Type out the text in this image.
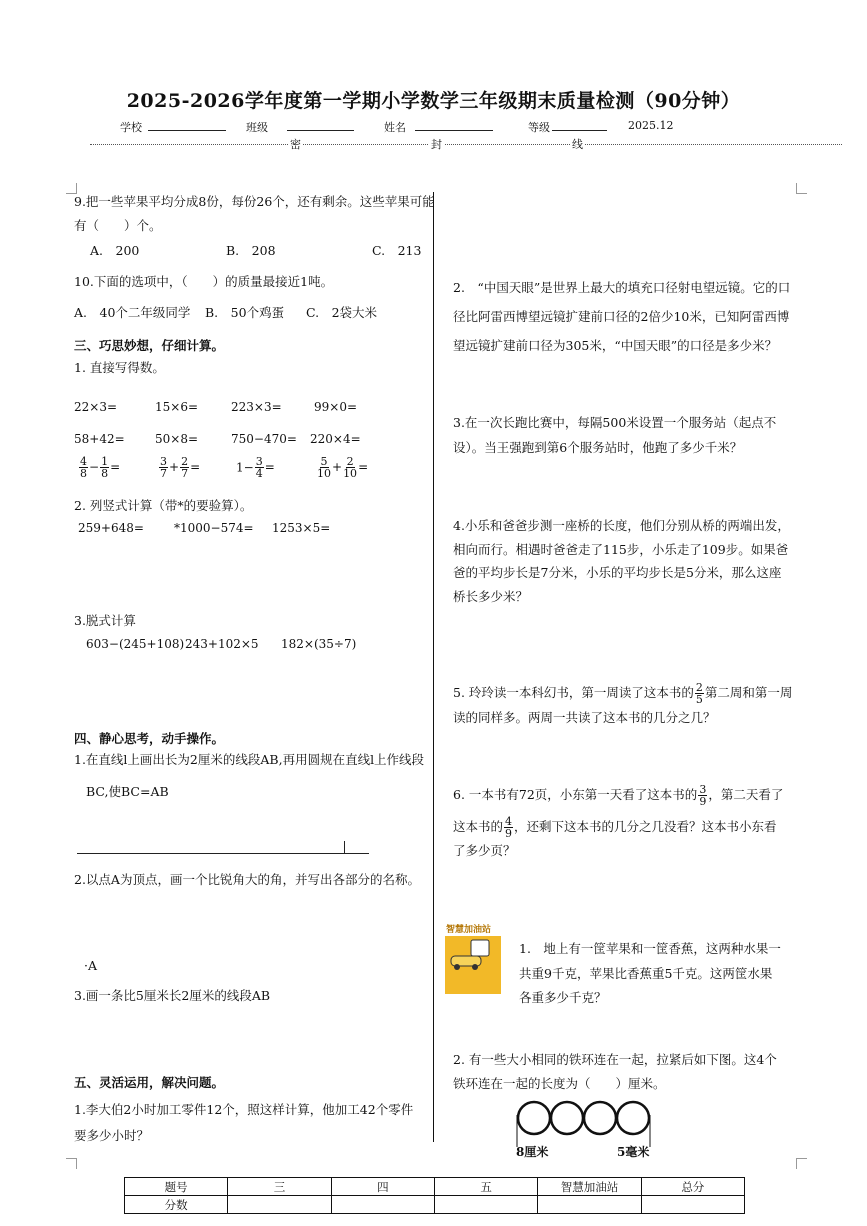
2025-2026学年度第一学期小学数学三年级期末质量检测（90分钟）
学校	班级	姓名	等级	2025.12
密	封	线
9.把一些苹果平均分成8份，每份26个，还有剩余。这些苹果可能
有（　　）个。
A.　200	B.　208	C.　213
10.下面的选项中，（　　）的质量最接近1吨。
A.　40个二年级同学 B.　50个鸡蛋 C.　2袋大米
三、巧思妙想，仔细计算。
1. 直接写得数。
22×3=	15×6=	223×3=	99×0=
58+42=	50×8=	750−470= 220×4=
$\frac{4}{8} - \frac{1}{8}$ =	$\frac{3}{7} + \frac{2}{7}$ =	$1- \frac{3}{4}$ =	$\frac{5}{10} + \frac{2}{10}$ =
2. 列竖式计算（带*的要验算）。
259+648=	*1000−574= 1253×5=
3.脱式计算
603−(245+108) 243+102×5 182×(35÷7)
四、静心思考，动手操作。
1.在直线l上画出长为2厘米的线段AB,再用圆规在直线l上作线段
BC,使BC=AB
2.以点A为顶点，画一个比锐角大的角，并写出各部分的名称。
·A
3.画一条比5厘米长2厘米的线段AB
五、灵活运用，解决问题。
1.李大伯2小时加工零件12个，照这样计算，他加工42个零件
要多少小时？
2.　“中国天眼”是世界上最大的填充口径射电望远镜。它的口
径比阿雷西博望远镜扩建前口径的2倍少10米，已知阿雷西博
望远镜扩建前口径为305米，“中国天眼”的口径是多少米？
3.在一次长跑比赛中，每隔500米设置一个服务站（起点不
设）。当王强跑到第6个服务站时，他跑了多少千米？
4.小乐和爸爸步测一座桥的长度，他们分别从桥的两端出发，
相向而行。相遇时爸爸走了115步，小乐走了109步。如果爸
爸的平均步长是7分米，小乐的平均步长是5分米，那么这座
桥长多少米？
5. 玲玲读一本科幻书，第一周读了这本书的 $\frac{2}{5}$ 第二周和第一周
读的同样多。两周一共读了这本书的几分之几？
6. 一本书有72页，小东第一天看了这本书的 $\frac{3}{9}$ ，第二天看了
这本书的 $\frac{4}{9}$ ，还剩下这本书的几分之几没看？这本书小东看
了多少页？
智慧加油站
1.　地上有一筐苹果和一筐香蕉，这两种水果一
共重9千克，苹果比香蕉重5千克。这两筐水果
各重多少千克？
2. 有一些大小相同的铁环连在一起，拉紧后如下图。这4个
铁环连在一起的长度为（　　）厘米。
8厘米	5毫米
题号	三	四	五	智慧加油站	总分
分数					
